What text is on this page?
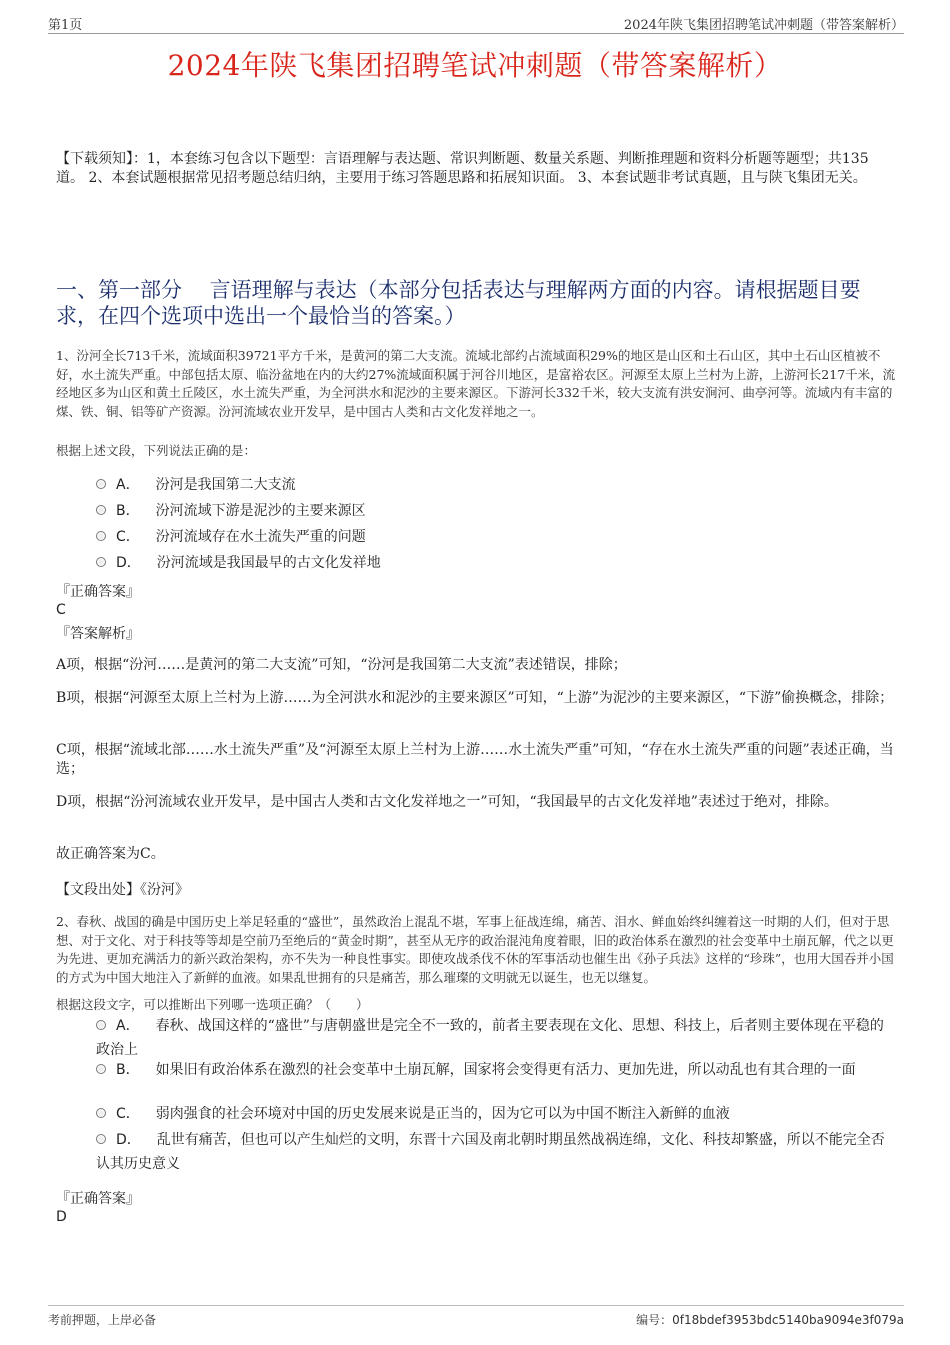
第1页	2024年陕飞集团招聘笔试冲刺题（带答案解析）
2024年陕飞集团招聘笔试冲刺题（带答案解析）
【下载须知】：1，本套练习包含以下题型：言语理解与表达题、常识判断题、数量关系题、判断推理题和资料分析题等题型；共135道。 2、本套试题根据常见招考题总结归纳，主要用于练习答题思路和拓展知识面。 3、本套试题非考试真题，且与陕飞集团无关。
一、第一部分　 言语理解与表达（本部分包括表达与理解两方面的内容。请根据题目要求，在四个选项中选出一个最恰当的答案。）
1、汾河全长713千米，流域面积39721平方千米，是黄河的第二大支流。流域北部约占流域面积29%的地区是山区和土石山区，其中土石山区植被不好，水土流失严重。中部包括太原、临汾盆地在内的大约27%流域面积属于河谷川地区，是富裕农区。河源至太原上兰村为上游，上游河长217千米，流经地区多为山区和黄土丘陵区，水土流失严重，为全河洪水和泥沙的主要来源区。下游河长332千米，较大支流有洪安涧河、曲亭河等。流域内有丰富的煤、铁、铜、铝等矿产资源。汾河流域农业开发早，是中国古人类和古文化发祥地之一。
根据上述文段，下列说法正确的是：
A． 汾河是我国第二大支流
B． 汾河流域下游是泥沙的主要来源区
C． 汾河流域存在水土流失严重的问题
D． 汾河流域是我国最早的古文化发祥地
『正确答案』
C
『答案解析』
A项，根据“汾河……是黄河的第二大支流”可知，“汾河是我国第二大支流”表述错误，排除；
B项，根据“河源至太原上兰村为上游……为全河洪水和泥沙的主要来源区”可知，“上游”为泥沙的主要来源区，“下游”偷换概念，排除；
C项，根据“流域北部……水土流失严重”及“河源至太原上兰村为上游……水土流失严重”可知，“存在水土流失严重的问题”表述正确，当选；
D项，根据“汾河流域农业开发早，是中国古人类和古文化发祥地之一”可知，“我国最早的古文化发祥地”表述过于绝对，排除。
故正确答案为C。
【文段出处】《汾河》
2、春秋、战国的确是中国历史上举足轻重的“盛世”，虽然政治上混乱不堪，军事上征战连绵，痛苦、泪水、鲜血始终纠缠着这一时期的人们，但对于思想、对于文化、对于科技等等却是空前乃至绝后的“黄金时期”，甚至从无序的政治混沌角度着眼，旧的政治体系在激烈的社会变革中土崩瓦解，代之以更为先进、更加充满活力的新兴政治架构，亦不失为一种良性事实。即使攻战杀伐不休的军事活动也催生出《孙子兵法》这样的“珍珠”，也用大国吞并小国的方式为中国大地注入了新鲜的血液。如果乱世拥有的只是痛苦，那么璀璨的文明就无以诞生，也无以继复。
根据这段文字，可以推断出下列哪一选项正确？（　　）
A． 春秋、战国这样的“盛世”与唐朝盛世是完全不一致的，前者主要表现在文化、思想、科技上，后者则主要体现在平稳的政治上
B． 如果旧有政治体系在激烈的社会变革中土崩瓦解，国家将会变得更有活力、更加先进，所以动乱也有其合理的一面
C． 弱肉强食的社会环境对中国的历史发展来说是正当的，因为它可以为中国不断注入新鲜的血液
D． 乱世有痛苦，但也可以产生灿烂的文明，东晋十六国及南北朝时期虽然战祸连绵，文化、科技却繁盛，所以不能完全否认其历史意义
『正确答案』
D
考前押题，上岸必备	编号：0f18bdef3953bdc5140ba9094e3f079a
